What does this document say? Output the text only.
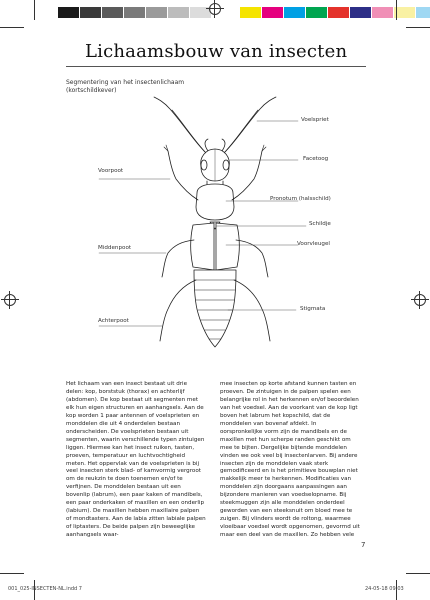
Lichaamsbouw van insecten
Segmentering van het insectenlichaam
(kortschildkever)
Voelspriet
Facetoog
Pronotum (halsschild)
Schildje
Voorvleugel
Stigmata
Voorpoot
Middenpoot
Achterpoot

Het lichaam van een insect bestaat uit drie delen: kop, borststuk (thorax) en achterlijf (abdomen). De kop bestaat uit segmenten met elk hun eigen structuren en aanhangsels. Aan de kop worden 1 paar antennen of voelsprieten en monddelen die uit 4 onderdelen bestaan onderscheiden. De voelsprieten bestaan uit segmenten, waarin verschillende typen zintuigen liggen. Hiermee kan het insect ruiken, tasten, proeven, temperatuur en luchtvochtigheid meten. Het oppervlak van de voelsprieten is bij veel insecten sterk blad- of kamvormig vergroot om de reukzin te doen toenemen en/of te verfijnen. De monddelen bestaan uit een bovenlip (labrum), een paar kaken of mandibels, een paar onderkaken of maxillen en een onderlip (labium). De maxillen hebben maxillaire palpen of mondtasters. Aan de labia zitten labiale palpen of liptasters. De beide palpen zijn beweeglijke aanhangsels waar-

mee insecten op korte afstand kunnen tasten en proeven. De zintuigen in de palpen spelen een belangrijke rol in het herkennen en/of beoordelen van het voedsel. Aan de voorkant van de kop ligt boven het labrum het kopschild, dat de monddelen van bovenaf afdekt. In oorspronkelijke vorm zijn de mandibels en de maxillen met hun scherpe randen geschikt om mee te bijten. Dergelijke bijtende monddelen vinden we ook veel bij insectenlarven. Bij andere insecten zijn de monddelen vaak sterk gemodificeerd en is het primitieve bouwplan niet makkelijk meer te herkennen. Modificaties van monddelen zijn doorgaans aanpassingen aan bijzondere manieren van voedselopname. Bij steekmuggen zijn alle monddelen onderdeel geworden van een steeksnuit om bloed mee te zuigen. Bij vlinders wordt de roltong, waarmee vloeibaar voedsel wordt opgenomen, gevormd uit maar een deel van de maxillen. Zo hebben vele

7
001_025-INSECTEN-NL.indd 7	24-05-18 09:03
